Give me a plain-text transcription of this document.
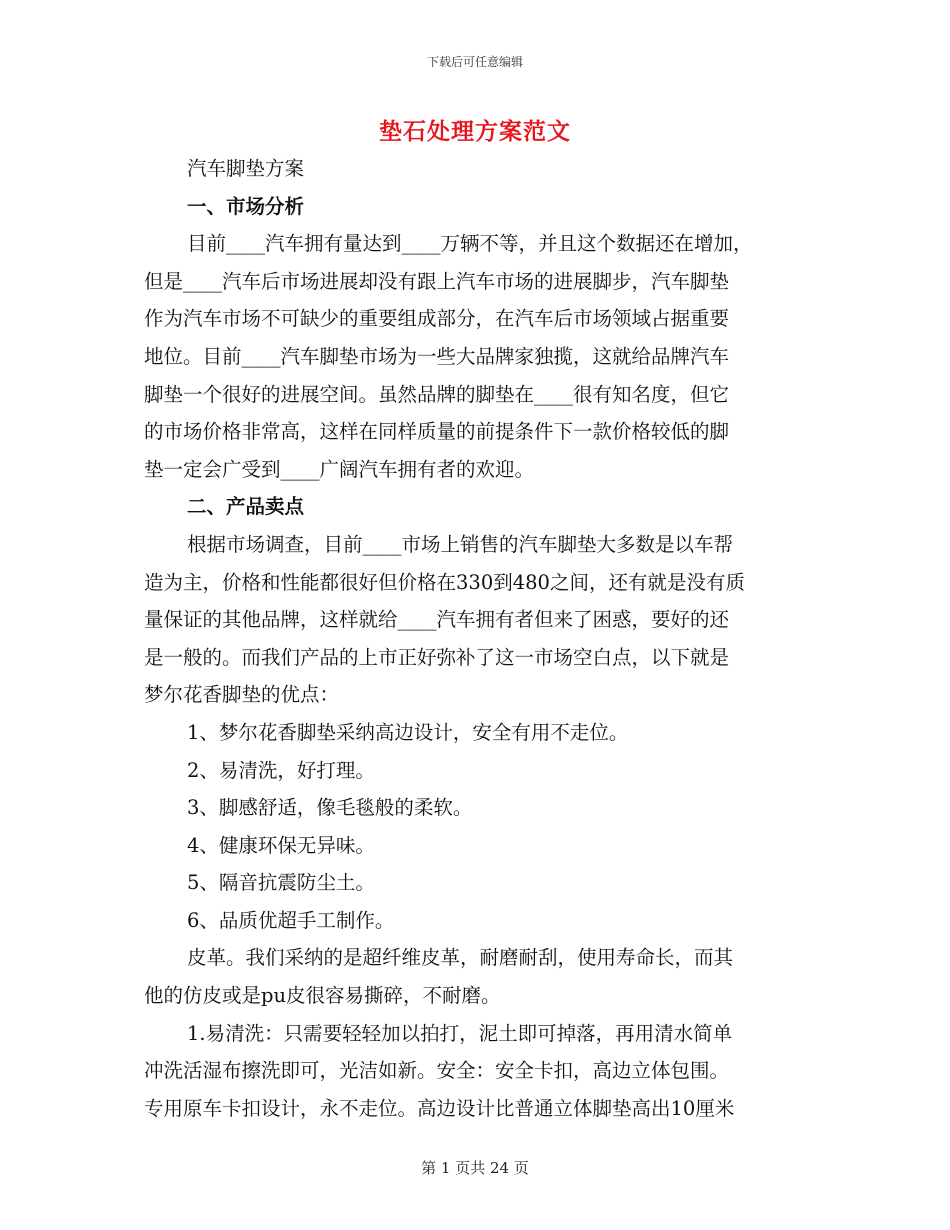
下载后可任意编辑
垫石处理方案范文
汽车脚垫方案
一、市场分析
目前____汽车拥有量达到____万辆不等，并且这个数据还在增加，
但是____汽车后市场进展却没有跟上汽车市场的进展脚步，汽车脚垫
作为汽车市场不可缺少的重要组成部分，在汽车后市场领域占据重要
地位。目前____汽车脚垫市场为一些大品牌家独揽，这就给品牌汽车
脚垫一个很好的进展空间。虽然品牌的脚垫在____很有知名度，但它
的市场价格非常高，这样在同样质量的前提条件下一款价格较低的脚
垫一定会广受到____广阔汽车拥有者的欢迎。
二、产品卖点
根据市场调查，目前____市场上销售的汽车脚垫大多数是以车帮
造为主，价格和性能都很好但价格在330到480之间，还有就是没有质
量保证的其他品牌，这样就给____汽车拥有者但来了困惑，要好的还
是一般的。而我们产品的上市正好弥补了这一市场空白点，以下就是
梦尔花香脚垫的优点：
1、梦尔花香脚垫采纳高边设计，安全有用不走位。
2、易清洗，好打理。
3、脚感舒适，像毛毯般的柔软。
4、健康环保无异味。
5、隔音抗震防尘土。
6、品质优超手工制作。
皮革。我们采纳的是超纤维皮革，耐磨耐刮，使用寿命长，而其
他的仿皮或是pu皮很容易撕碎，不耐磨。
1.易清洗：只需要轻轻加以拍打，泥土即可掉落，再用清水简单
冲洗活湿布擦洗即可，光洁如新。安全：安全卡扣，高边立体包围。
专用原车卡扣设计，永不走位。高边设计比普通立体脚垫高出10厘米
第 1 页共 24 页
